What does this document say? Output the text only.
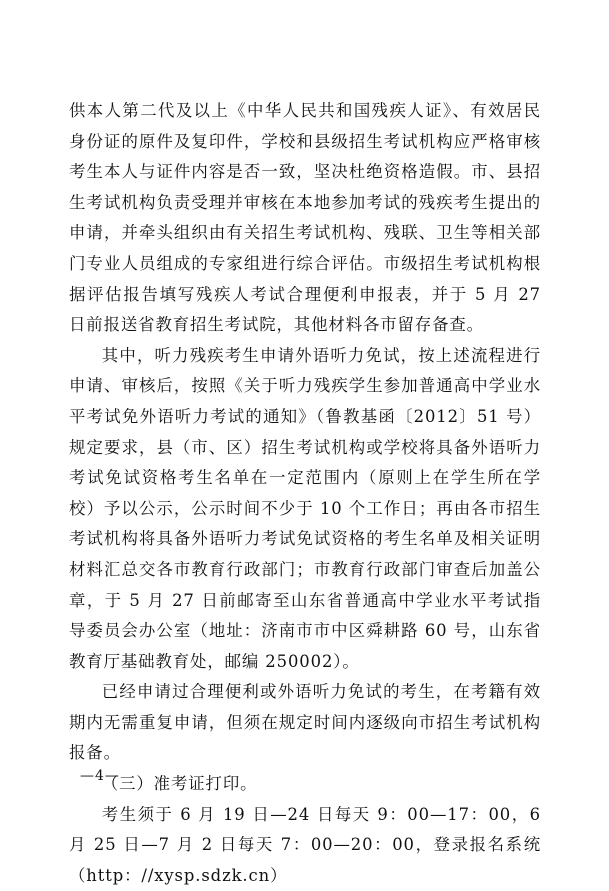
供本人第二代及以上《中华人民共和国残疾人证》、有效居民身份证的原件及复印件，学校和县级招生考试机构应严格审核考生本人与证件内容是否一致，坚决杜绝资格造假。市、县招生考试机构负责受理并审核在本地参加考试的残疾考生提出的申请，并牵头组织由有关招生考试机构、残联、卫生等相关部门专业人员组成的专家组进行综合评估。市级招生考试机构根据评估报告填写残疾人考试合理便利申报表，并于 5 月 27 日前报送省教育招生考试院，其他材料各市留存备查。

其中，听力残疾考生申请外语听力免试，按上述流程进行申请、审核后，按照《关于听力残疾学生参加普通高中学业水平考试免外语听力考试的通知》（鲁教基函〔2012〕51 号）规定要求，县（市、区）招生考试机构或学校将具备外语听力考试免试资格考生名单在一定范围内（原则上在学生所在学校）予以公示，公示时间不少于 10 个工作日；再由各市招生考试机构将具备外语听力考试免试资格的考生名单及相关证明材料汇总交各市教育行政部门；市教育行政部门审查后加盖公章，于 5 月 27 日前邮寄至山东省普通高中学业水平考试指导委员会办公室（地址：济南市市中区舜耕路 60 号，山东省教育厅基础教育处，邮编 250002）。

已经申请过合理便利或外语听力免试的考生，在考籍有效期内无需重复申请，但须在规定时间内逐级向市招生考试机构报备。

（三）准考证打印。

考生须于 6 月 19 日—24 日每天 9：00—17：00，6 月 25 日—7 月 2 日每天 7：00—20：00，登录报名系统（http：//xysp.sdzk.cn）

—4—
